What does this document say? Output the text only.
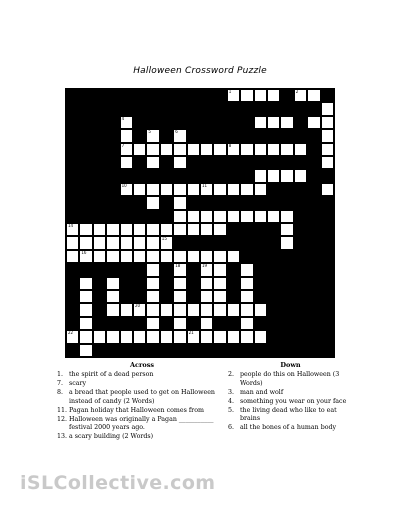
Halloween Crossword Puzzle
1	2
4
5	6
7	8
10	11
14
15
16
18	19
20
22	21
Across
1. the spirit of a dead person
7. scary
8. a bread that people used to get on Halloween instead of candy (2 Words)
11. Pagan holiday that Halloween comes from
12. Halloween was originally a Pagan ___________ festival 2000 years ago.
13. a scary building (2 Words)
Down
2. people do this on Halloween (3 Words)
3. man and wolf
4. something you wear on your face
5. the living dead who like to eat brains
6. all the bones of a human body
iSLCollective.com
